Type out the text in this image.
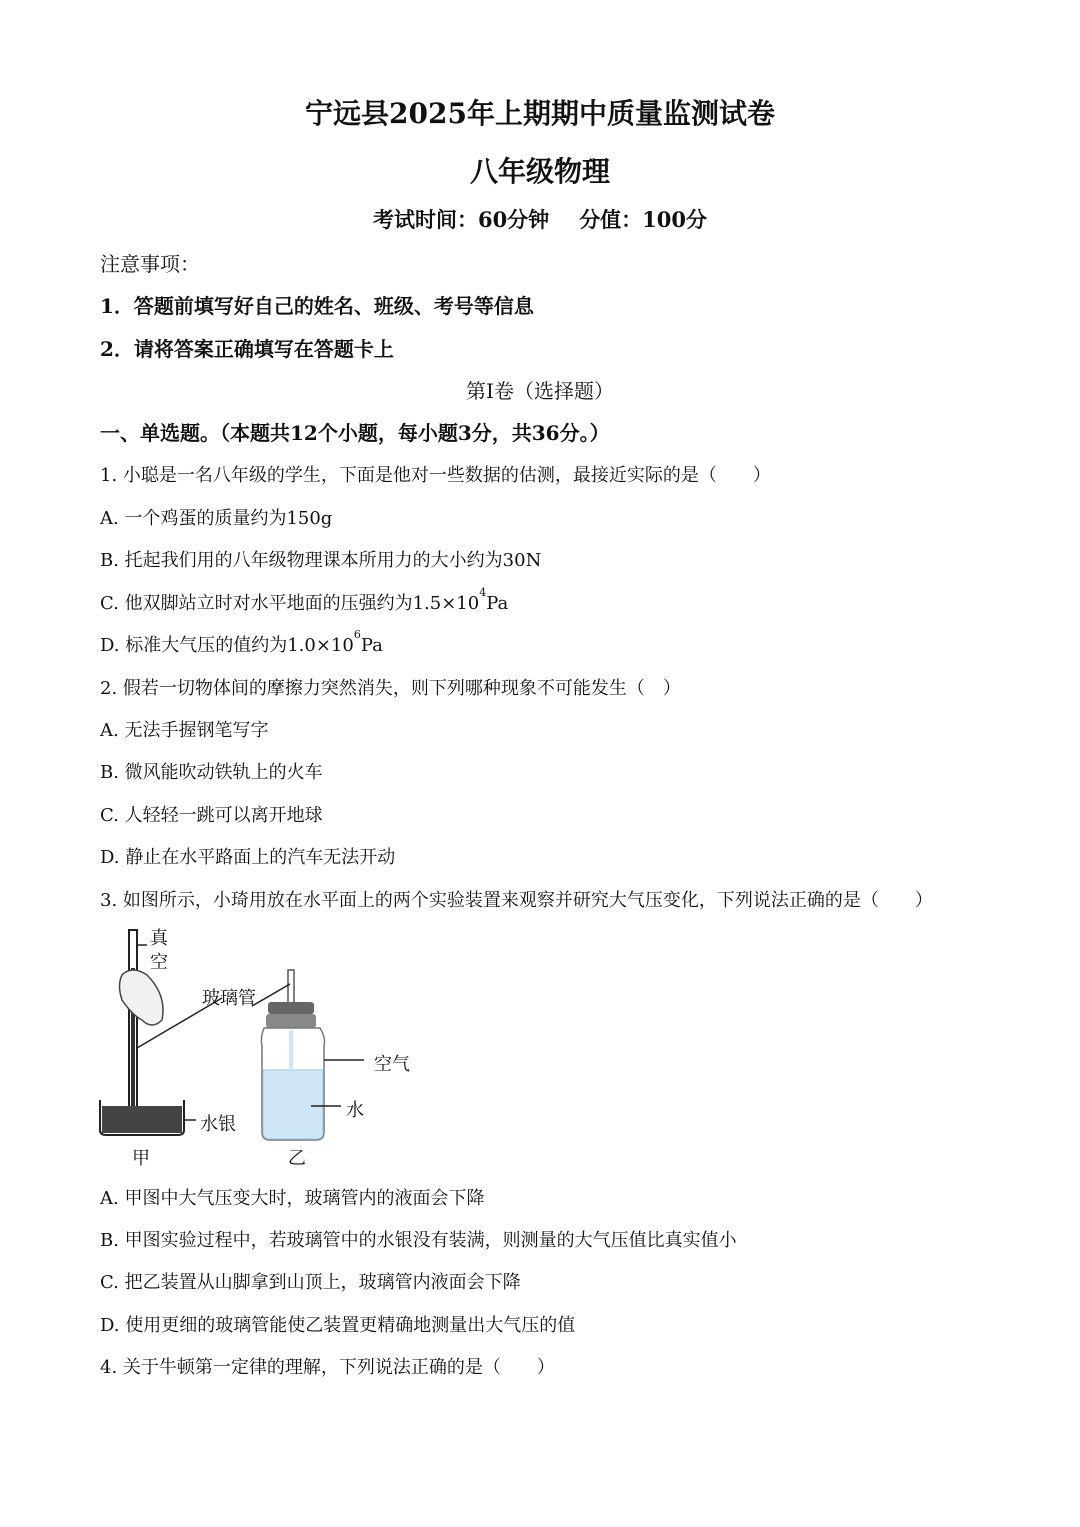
宁远县2025年上期期中质量监测试卷
八年级物理
考试时间：60分钟 分值：100分
注意事项：
1．答题前填写好自己的姓名、班级、考号等信息
2．请将答案正确填写在答题卡上
第I卷（选择题）
一、单选题。（本题共12个小题，每小题3分，共36分。）
1. 小聪是一名八年级的学生，下面是他对一些数据的估测，最接近实际的是（　　）
A. 一个鸡蛋的质量约为150g
B. 托起我们用的八年级物理课本所用力的大小约为30N
C. 他双脚站立时对水平地面的压强约为$1.5\times 10^4Pa$
D. 标准大气压的值约为$1.0\times 10^6Pa$
2. 假若一切物体间的摩擦力突然消失，则下列哪种现象不可能发生（　）
A. 无法手握钢笔写字
B. 微风能吹动铁轨上的火车
C. 人轻轻一跳可以离开地球
D. 静止在水平路面上的汽车无法开动
3. 如图所示，小琦用放在水平面上的两个实验装置来观察并研究大气压变化，下列说法正确的是（　　）
真
空
玻璃管
水银
空气
水
甲	乙
A. 甲图中大气压变大时，玻璃管内的液面会下降
B. 甲图实验过程中，若玻璃管中的水银没有装满，则测量的大气压值比真实值小
C. 把乙装置从山脚拿到山顶上，玻璃管内液面会下降
D. 使用更细的玻璃管能使乙装置更精确地测量出大气压的值
4. 关于牛顿第一定律的理解，下列说法正确的是（　　）
